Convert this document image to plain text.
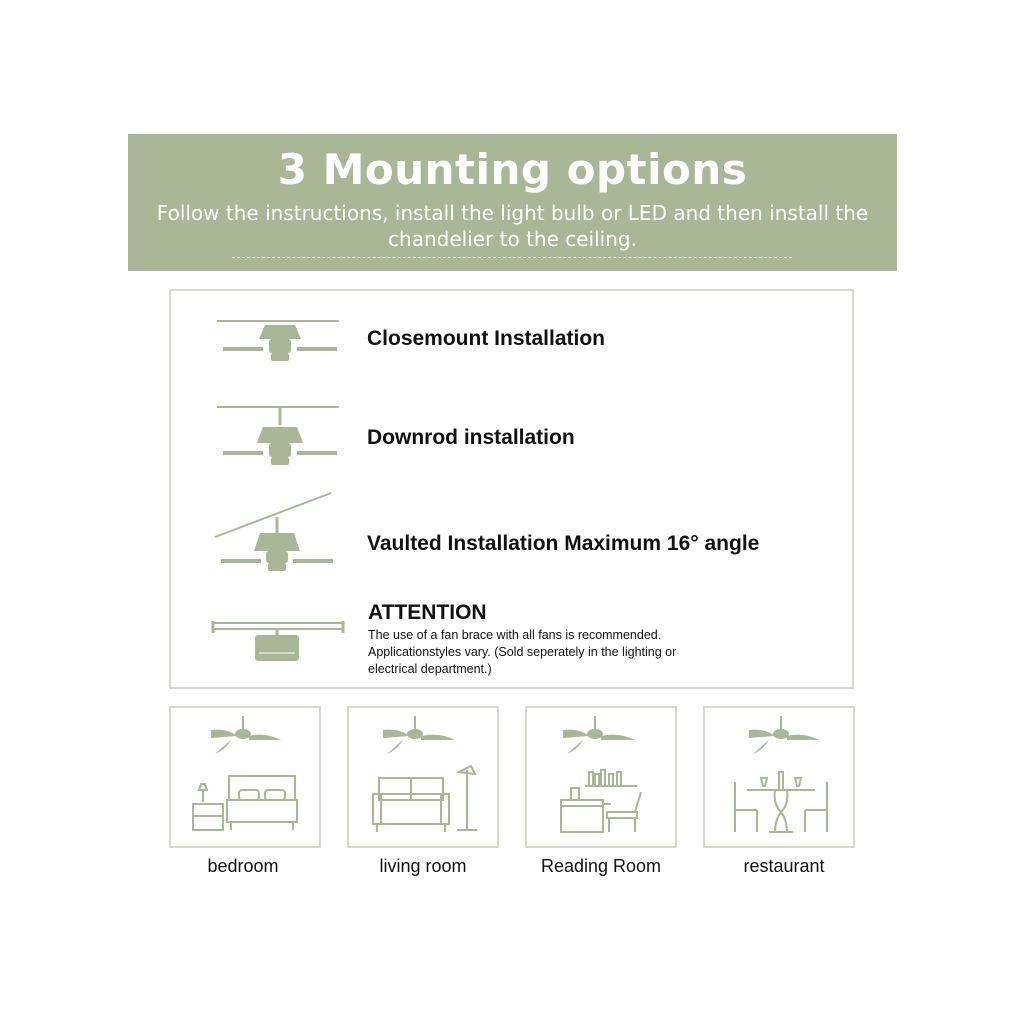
3 Mounting options
Follow the instructions, install the light bulb or LED and then install the chandelier to the ceiling.
Closemount Installation
Downrod installation
Vaulted Installation Maximum 16° angle
ATTENTION
The use of a fan brace with all fans is recommended. Applicationstyles vary. (Sold seperately in the lighting or electrical department.)
bedroom	living room	Reading Room	restaurant
